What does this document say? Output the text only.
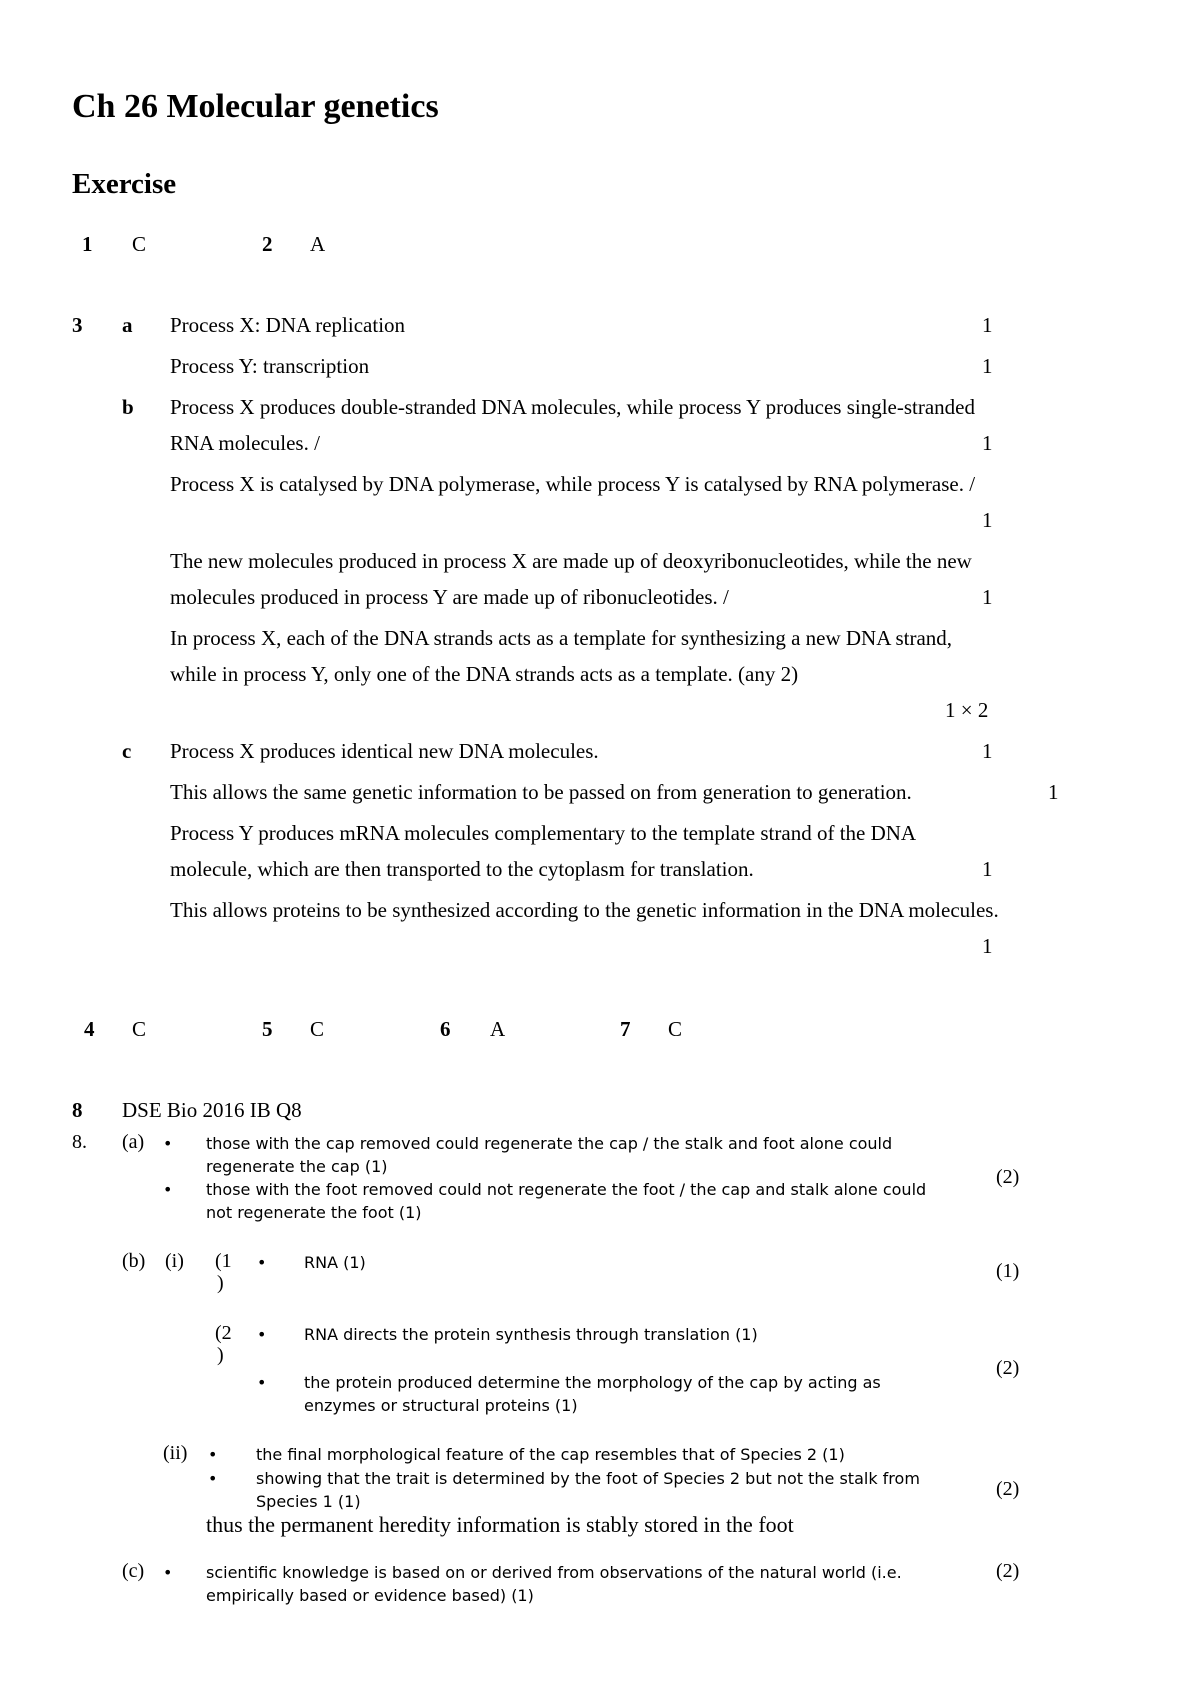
Ch 26 Molecular genetics
Exercise
1 C	2 A
3 a Process X: DNA replication	1
Process Y: transcription	1
b Process X produces double-stranded DNA molecules, while process Y produces single-stranded
RNA molecules. /	1
Process X is catalysed by DNA polymerase, while process Y is catalysed by RNA polymerase. /
1
The new molecules produced in process X are made up of deoxyribonucleotides, while the new
molecules produced in process Y are made up of ribonucleotides. /	1
In process X, each of the DNA strands acts as a template for synthesizing a new DNA strand,
while in process Y, only one of the DNA strands acts as a template. (any 2)
1 × 2
c Process X produces identical new DNA molecules.	1
This allows the same genetic information to be passed on from generation to generation.	1
Process Y produces mRNA molecules complementary to the template strand of the DNA
molecule, which are then transported to the cytoplasm for translation.	1
This allows proteins to be synthesized according to the genetic information in the DNA molecules.
1
4 C	5 C	6 A	7 C
8 DSE Bio 2016 IB Q8
8. (a) • those with the cap removed could regenerate the cap / the stalk and foot alone could
regenerate the cap (1)
• those with the foot removed could not regenerate the foot / the cap and stalk alone could
not regenerate the foot (1)
(2)
(b) (i) (1
)
• RNA (1)	(1)
(2
)
• RNA directs the protein synthesis through translation (1)
• the protein produced determine the morphology of the cap by acting as
enzymes or structural proteins (1)
(2)
(ii) • the final morphological feature of the cap resembles that of Species 2 (1)
• showing that the trait is determined by the foot of Species 2 but not the stalk from
Species 1 (1)
thus the permanent heredity information is stably stored in the foot
(2)
(c) • scientific knowledge is based on or derived from observations of the natural world (i.e.
empirically based or evidence based) (1)
(2)
